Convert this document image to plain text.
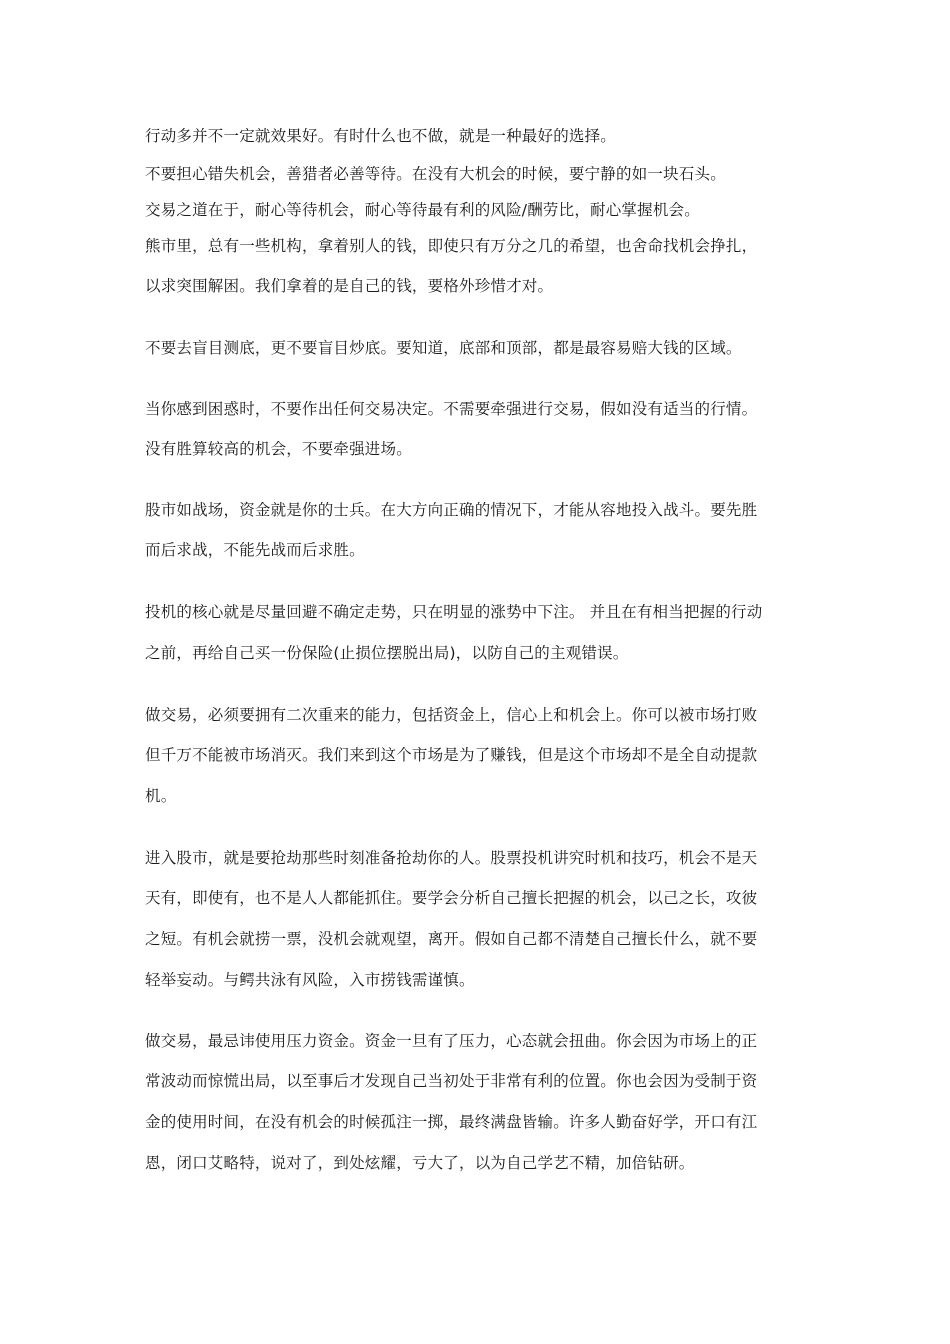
行动多并不一定就效果好。有时什么也不做，就是一种最好的选择。
不要担心错失机会，善猎者必善等待。在没有大机会的时候，要宁静的如一块石头。
交易之道在于，耐心等待机会，耐心等待最有利的风险/酬劳比，耐心掌握机会。
熊市里，总有一些机构，拿着别人的钱，即使只有万分之几的希望，也舍命找机会挣扎，
以求突围解困。我们拿着的是自己的钱，要格外珍惜才对。
不要去盲目测底，更不要盲目炒底。要知道，底部和顶部，都是最容易赔大钱的区域。
当你感到困惑时，不要作出任何交易决定。不需要牵强进行交易，假如没有适当的行情。
没有胜算较高的机会，不要牵强进场。
股市如战场，资金就是你的士兵。在大方向正确的情况下，才能从容地投入战斗。要先胜
而后求战，不能先战而后求胜。
投机的核心就是尽量回避不确定走势，只在明显的涨势中下注。 并且在有相当把握的行动
之前，再给自己买一份保险(止损位摆脱出局)，以防自己的主观错误。
做交易，必须要拥有二次重来的能力，包括资金上，信心上和机会上。你可以被市场打败
但千万不能被市场消灭。我们来到这个市场是为了赚钱，但是这个市场却不是全自动提款
机。
进入股市，就是要抢劫那些时刻准备抢劫你的人。股票投机讲究时机和技巧，机会不是天
天有，即使有，也不是人人都能抓住。要学会分析自己擅长把握的机会，以己之长，攻彼
之短。有机会就捞一票，没机会就观望，离开。假如自己都不清楚自己擅长什么，就不要
轻举妄动。与鳄共泳有风险，入市捞钱需谨慎。
做交易，最忌讳使用压力资金。资金一旦有了压力，心态就会扭曲。你会因为市场上的正
常波动而惊慌出局，以至事后才发现自己当初处于非常有利的位置。你也会因为受制于资
金的使用时间，在没有机会的时候孤注一掷，最终满盘皆输。许多人勤奋好学，开口有江
恩，闭口艾略特，说对了，到处炫耀，亏大了，以为自己学艺不精，加倍钻研。
